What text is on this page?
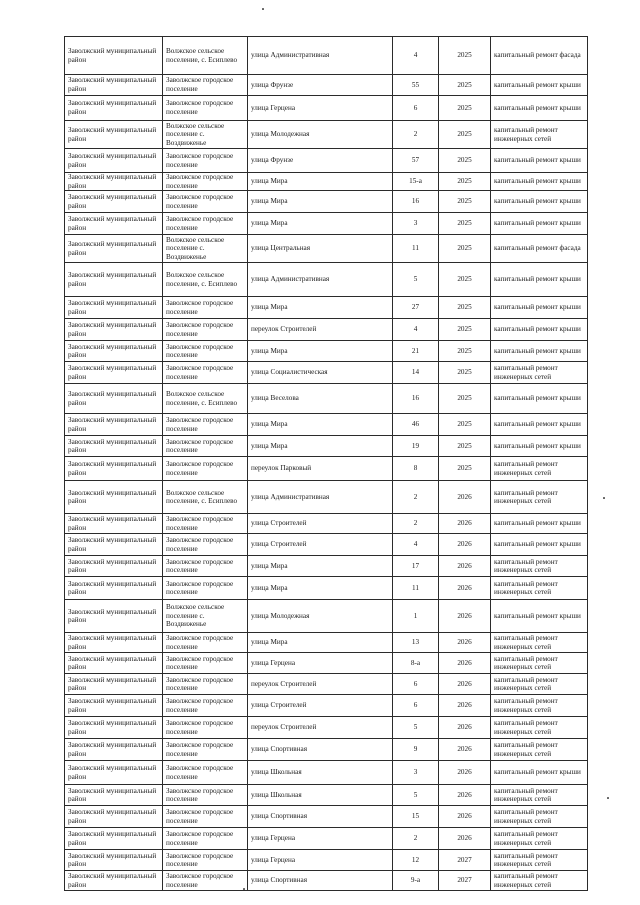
Заволжский муниципальный район	Волжское сельское поселение, с. Есиплево	улица Административная	4	2025	капитальный ремонт фасада
Заволжский муниципальный район	Заволжское городское поселение	улица Фрунзе	55	2025	капитальный ремонт крыши
Заволжский муниципальный район	Заволжское городское поселение	улица Герцена	6	2025	капитальный ремонт крыши
Заволжский муниципальный район	Волжское сельское поселение с. Воздвиженье	улица Молодежная	2	2025	капитальный ремонт инженерных сетей
Заволжский муниципальный район	Заволжское городское поселение	улица Фрунзе	57	2025	капитальный ремонт крыши
Заволжский муниципальный район	Заволжское городское поселение	улица Мира	15-а	2025	капитальный ремонт крыши
Заволжский муниципальный район	Заволжское городское поселение	улица Мира	16	2025	капитальный ремонт крыши
Заволжский муниципальный район	Заволжское городское поселение	улица Мира	3	2025	капитальный ремонт крыши
Заволжский муниципальный район	Волжское сельское поселение с. Воздвиженье	улица Центральная	11	2025	капитальный ремонт фасада
Заволжский муниципальный район	Волжское сельское поселение, с. Есиплево	улица Административная	5	2025	капитальный ремонт крыши
Заволжский муниципальный район	Заволжское городское поселение	улица Мира	27	2025	капитальный ремонт крыши
Заволжский муниципальный район	Заволжское городское поселение	переулок Строителей	4	2025	капитальный ремонт крыши
Заволжский муниципальный район	Заволжское городское поселение	улица Мира	21	2025	капитальный ремонт крыши
Заволжский муниципальный район	Заволжское городское поселение	улица Социалистическая	14	2025	капитальный ремонт инженерных сетей
Заволжский муниципальный район	Волжское сельское поселение, с. Есиплево	улица Веселова	16	2025	капитальный ремонт крыши
Заволжский муниципальный район	Заволжское городское поселение	улица Мира	46	2025	капитальный ремонт крыши
Заволжский муниципальный район	Заволжское городское поселение	улица Мира	19	2025	капитальный ремонт крыши
Заволжский муниципальный район	Заволжское городское поселение	переулок Парковый	8	2025	капитальный ремонт инженерных сетей
Заволжский муниципальный район	Волжское сельское поселение, с. Есиплево	улица Административная	2	2026	капитальный ремонт инженерных сетей
Заволжский муниципальный район	Заволжское городское поселение	улица Строителей	2	2026	капитальный ремонт крыши
Заволжский муниципальный район	Заволжское городское поселение	улица Строителей	4	2026	капитальный ремонт крыши
Заволжский муниципальный район	Заволжское городское поселение	улица Мира	17	2026	капитальный ремонт инженерных сетей
Заволжский муниципальный район	Заволжское городское поселение	улица Мира	11	2026	капитальный ремонт инженерных сетей
Заволжский муниципальный район	Волжское сельское поселение с. Воздвиженье	улица Молодежная	1	2026	капитальный ремонт крыши
Заволжский муниципальный район	Заволжское городское поселение	улица Мира	13	2026	капитальный ремонт инженерных сетей
Заволжский муниципальный район	Заволжское городское поселение	улица Герцена	8-а	2026	капитальный ремонт инженерных сетей
Заволжский муниципальный район	Заволжское городское поселение	переулок Строителей	6	2026	капитальный ремонт инженерных сетей
Заволжский муниципальный район	Заволжское городское поселение	улица Строителей	6	2026	капитальный ремонт инженерных сетей
Заволжский муниципальный район	Заволжское городское поселение	переулок Строителей	5	2026	капитальный ремонт инженерных сетей
Заволжский муниципальный район	Заволжское городское поселение	улица Спортивная	9	2026	капитальный ремонт инженерных сетей
Заволжский муниципальный район	Заволжское городское поселение	улица Школьная	3	2026	капитальный ремонт крыши
Заволжский муниципальный район	Заволжское городское поселение	улица Школьная	5	2026	капитальный ремонт инженерных сетей
Заволжский муниципальный район	Заволжское городское поселение	улица Спортивная	15	2026	капитальный ремонт инженерных сетей
Заволжский муниципальный район	Заволжское городское поселение	улица Герцена	2	2026	капитальный ремонт инженерных сетей
Заволжский муниципальный район	Заволжское городское поселение	улица Герцена	12	2027	капитальный ремонт инженерных сетей
Заволжский муниципальный район	Заволжское городское поселение	улица Спортивная	9-а	2027	капитальный ремонт инженерных сетей
